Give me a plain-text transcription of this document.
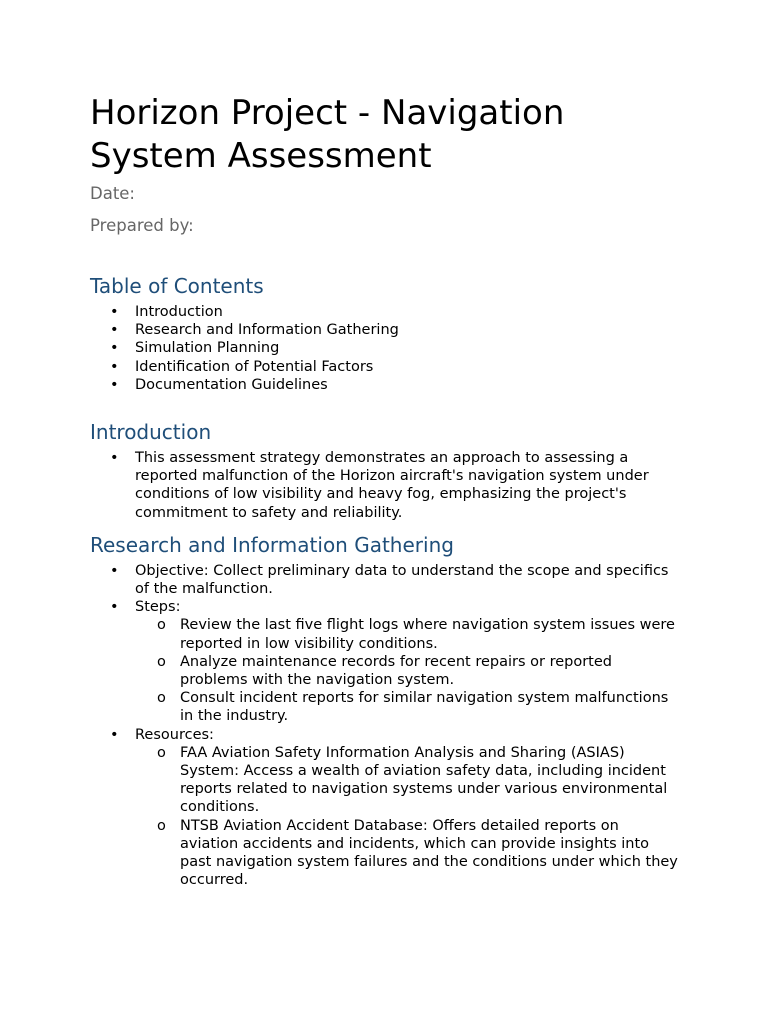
Horizon Project - Navigation System Assessment

Date:

Prepared by:

Table of Contents
• Introduction
• Research and Information Gathering
• Simulation Planning
• Identification of Potential Factors
• Documentation Guidelines
Introduction
• This assessment strategy demonstrates an approach to assessing a reported malfunction of the Horizon aircraft's navigation system under conditions of low visibility and heavy fog, emphasizing the project's commitment to safety and reliability.
Research and Information Gathering
• Objective: Collect preliminary data to understand the scope and specifics of the malfunction.
• Steps:
o Review the last five flight logs where navigation system issues were reported in low visibility conditions.
o Analyze maintenance records for recent repairs or reported problems with the navigation system.
o Consult incident reports for similar navigation system malfunctions in the industry.
• Resources:
o FAA Aviation Safety Information Analysis and Sharing (ASIAS) System: Access a wealth of aviation safety data, including incident reports related to navigation systems under various environmental conditions.
o NTSB Aviation Accident Database: Offers detailed reports on aviation accidents and incidents, which can provide insights into past navigation system failures and the conditions under which they occurred.
